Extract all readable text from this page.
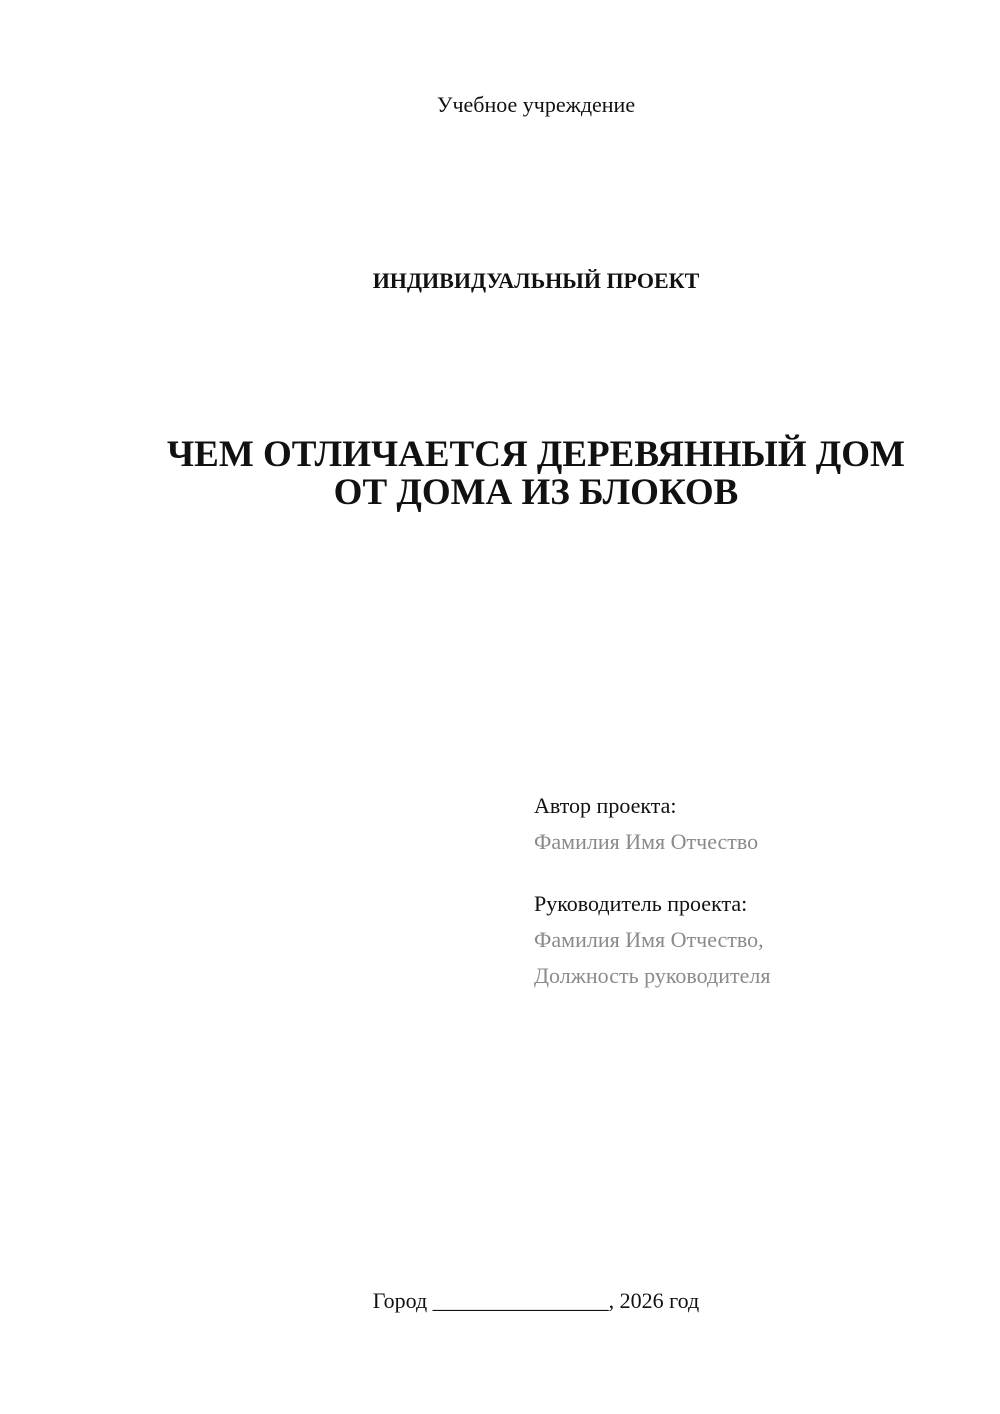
Учебное учреждение
ИНДИВИДУАЛЬНЫЙ ПРОЕКТ
ЧЕМ ОТЛИЧАЕТСЯ ДЕРЕВЯННЫЙ ДОМ
ОТ ДОМА ИЗ БЛОКОВ
Автор проекта:
Фамилия Имя Отчество
Руководитель проекта:
Фамилия Имя Отчество,
Должность руководителя
Город ________________, 2026 год
